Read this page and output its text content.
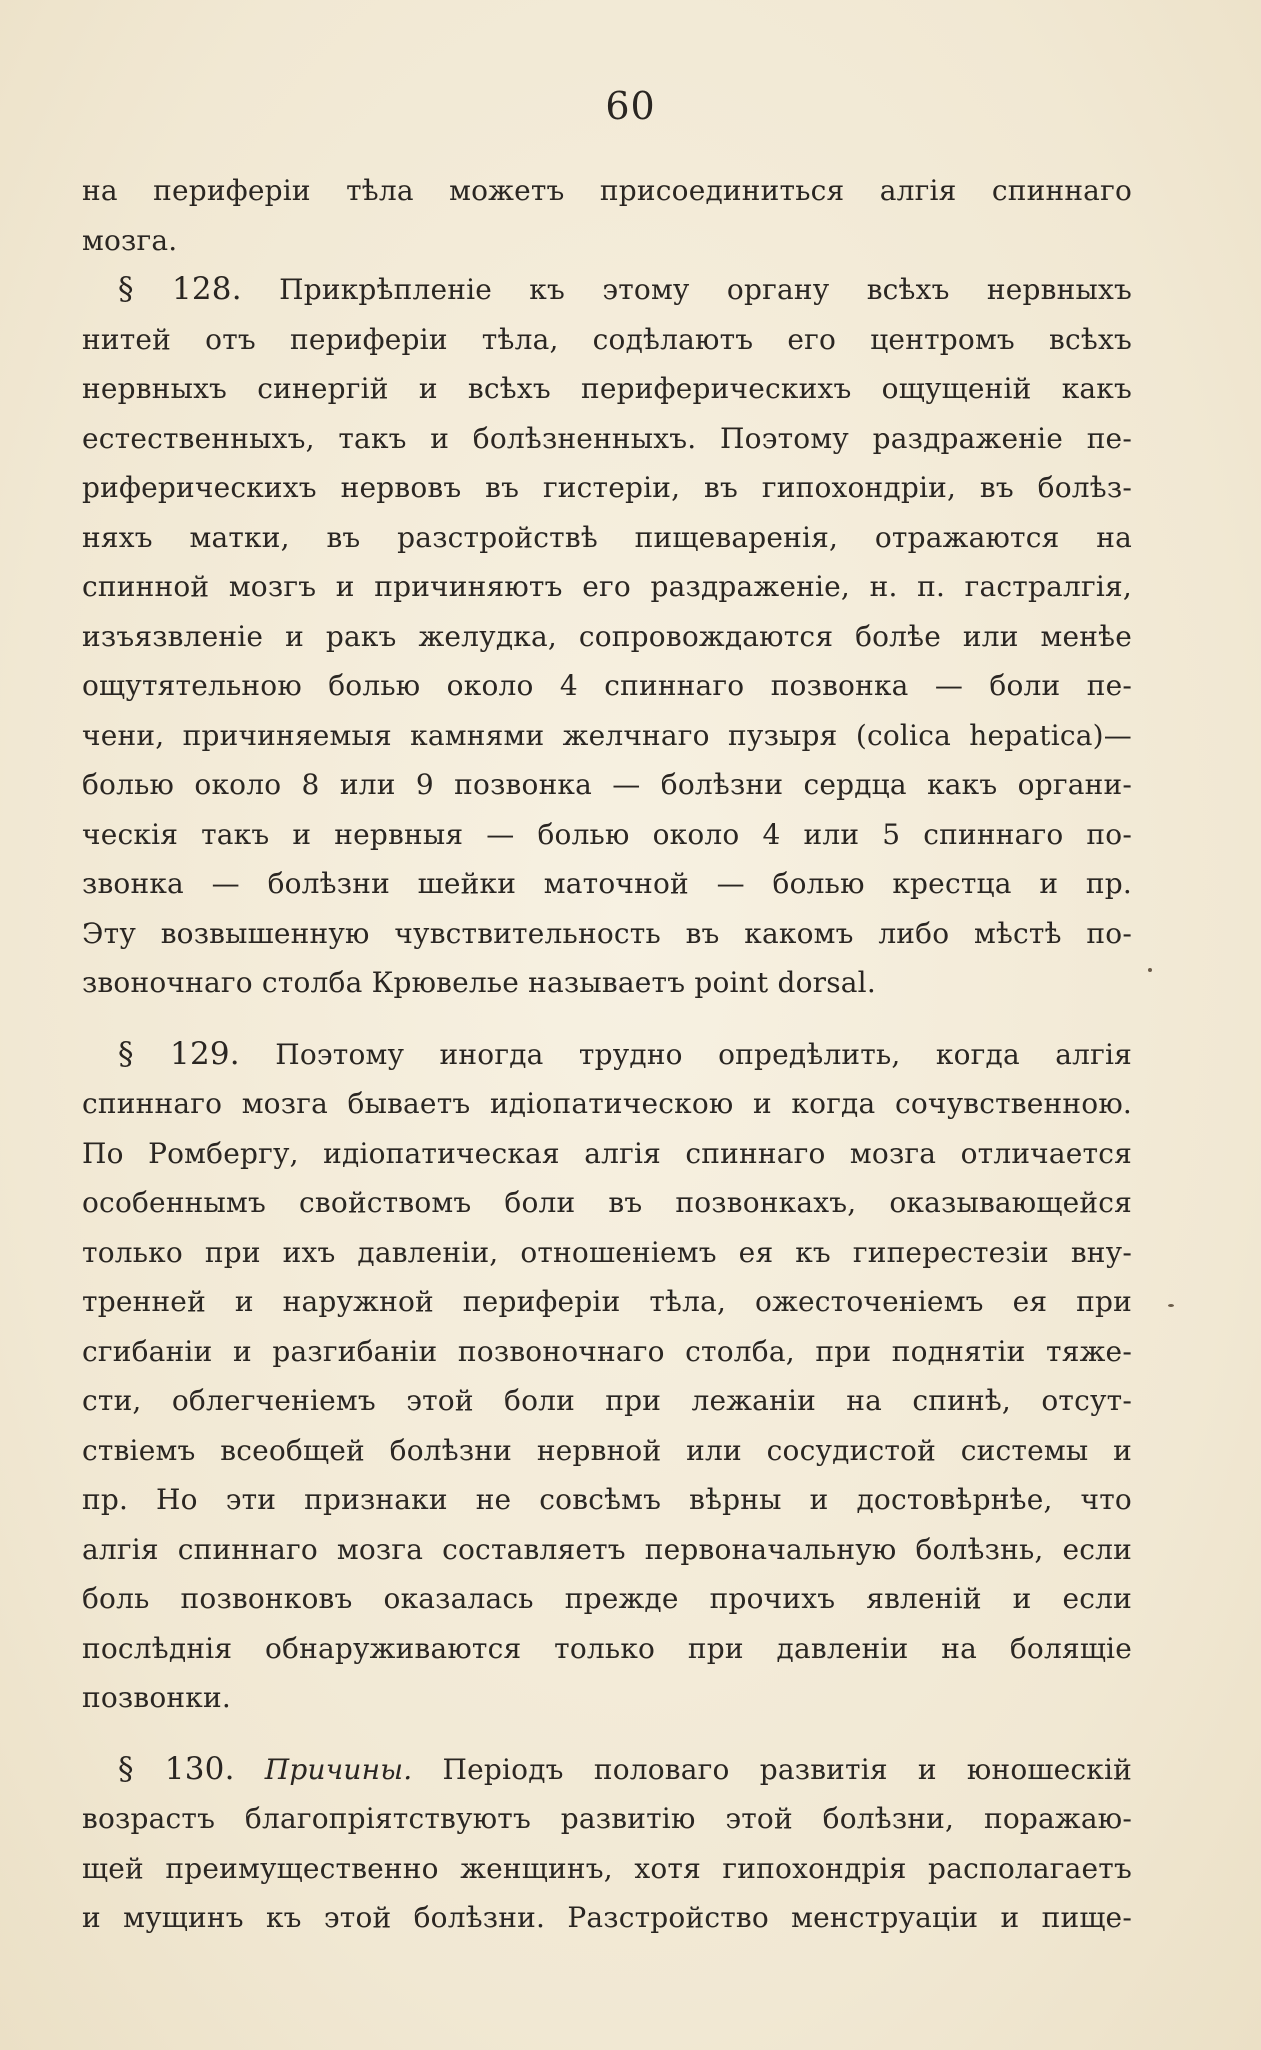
60
на периферіи тѣла можетъ присоединиться алгія спиннаго
мозга.
§ 128. Прикрѣпленіе къ этому органу всѣхъ нервныхъ
нитей отъ периферіи тѣла, содѣлаютъ его центромъ всѣхъ
нервныхъ синергій и всѣхъ периферическихъ ощущеній какъ
естественныхъ, такъ и болѣзненныхъ. Поэтому раздраженіе пе-
риферическихъ нервовъ въ гистеріи, въ гипохондріи, въ болѣз-
няхъ матки, въ разстройствѣ пищеваренія, отражаются на
спинной мозгъ и причиняютъ его раздраженіе, н. п. гастралгія,
изъязвленіе и ракъ желудка, сопровождаются болѣе или менѣе
ощутятельною болью около 4 спиннаго позвонка — боли пе-
чени, причиняемыя камнями желчнаго пузыря (colica hepatica)—
болью около 8 или 9 позвонка — болѣзни сердца какъ органи-
ческія такъ и нервныя — болью около 4 или 5 спиннаго по-
звонка — болѣзни шейки маточной — болью крестца и пр.
Эту возвышенную чувствительность въ какомъ либо мѣстѣ по-
звоночнаго столба Крювелье называетъ point dorsal.
§ 129. Поэтому иногда трудно опредѣлить, когда алгія
спиннаго мозга бываетъ идіопатическою и когда сочувственною.
По Ромбергу, идіопатическая алгія спиннаго мозга отличается
особеннымъ свойствомъ боли въ позвонкахъ, оказывающейся
только при ихъ давленіи, отношеніемъ ея къ гиперестезіи вну-
тренней и наружной периферіи тѣла, ожесточеніемъ ея при
сгибаніи и разгибаніи позвоночнаго столба, при поднятіи тяже-
сти, облегченіемъ этой боли при лежаніи на спинѣ, отсут-
ствіемъ всеобщей болѣзни нервной или сосудистой системы и
пр. Но эти признаки не совсѣмъ вѣрны и достовѣрнѣе, что
алгія спиннаго мозга составляетъ первоначальную болѣзнь, если
боль позвонковъ оказалась прежде прочихъ явленій и если
послѣднія обнаруживаются только при давленіи на болящіе
позвонки.
§ 130. Причины. Періодъ половаго развитія и юношескій
возрастъ благопріятствуютъ развитію этой болѣзни, поражаю-
щей преимущественно женщинъ, хотя гипохондрія располагаетъ
и мущинъ къ этой болѣзни. Разстройство менструаціи и пище-
